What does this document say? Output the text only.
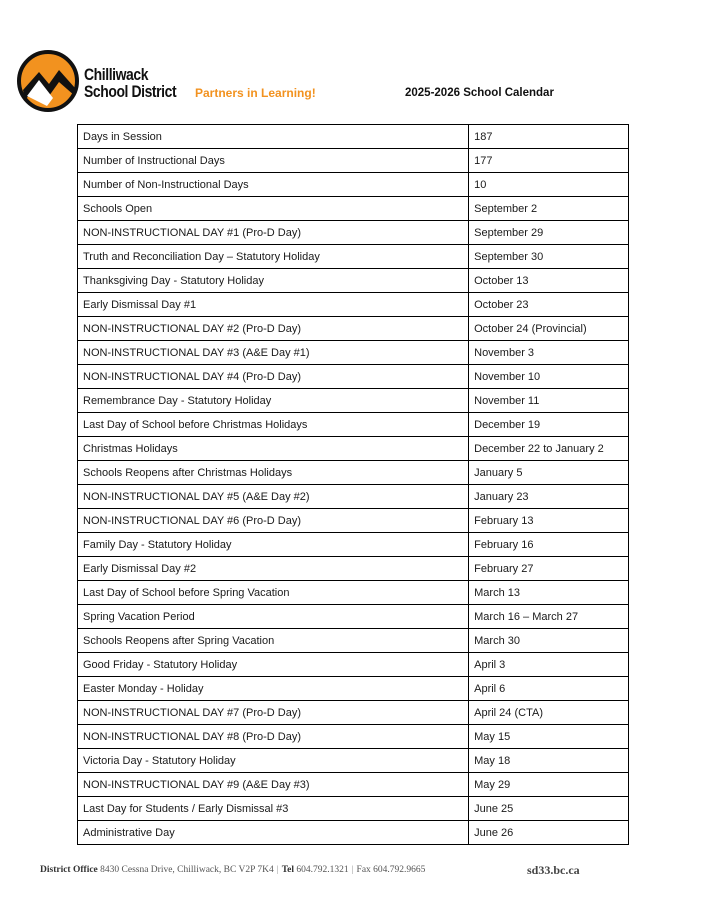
Chilliwack
School District Partners in Learning!	2025-2026 School Calendar
Days in Session	187
Number of Instructional Days	177
Number of Non-Instructional Days	10
Schools Open	September 2
NON-INSTRUCTIONAL DAY #1 (Pro-D Day)	September 29
Truth and Reconciliation Day – Statutory Holiday	September 30
Thanksgiving Day - Statutory Holiday	October 13
Early Dismissal Day #1	October 23
NON-INSTRUCTIONAL DAY #2 (Pro-D Day)	October 24 (Provincial)
NON-INSTRUCTIONAL DAY #3 (A&E Day #1)	November 3
NON-INSTRUCTIONAL DAY #4 (Pro-D Day)	November 10
Remembrance Day - Statutory Holiday	November 11
Last Day of School before Christmas Holidays	December 19
Christmas Holidays	December 22 to January 2
Schools Reopens after Christmas Holidays	January 5
NON-INSTRUCTIONAL DAY #5 (A&E Day #2)	January 23
NON-INSTRUCTIONAL DAY #6 (Pro-D Day)	February 13
Family Day - Statutory Holiday	February 16
Early Dismissal Day #2	February 27
Last Day of School before Spring Vacation	March 13
Spring Vacation Period	March 16 – March 27
Schools Reopens after Spring Vacation	March 30
Good Friday - Statutory Holiday	April 3
Easter Monday - Holiday	April 6
NON-INSTRUCTIONAL DAY #7 (Pro-D Day)	April 24 (CTA)
NON-INSTRUCTIONAL DAY #8 (Pro-D Day)	May 15
Victoria Day - Statutory Holiday	May 18
NON-INSTRUCTIONAL DAY #9 (A&E Day #3)	May 29
Last Day for Students / Early Dismissal #3	June 25
Administrative Day	June 26
District Office 8430 Cessna Drive, Chilliwack, BC V2P 7K4 | Tel 604.792.1321 | Fax 604.792.9665	sd33.bc.ca
